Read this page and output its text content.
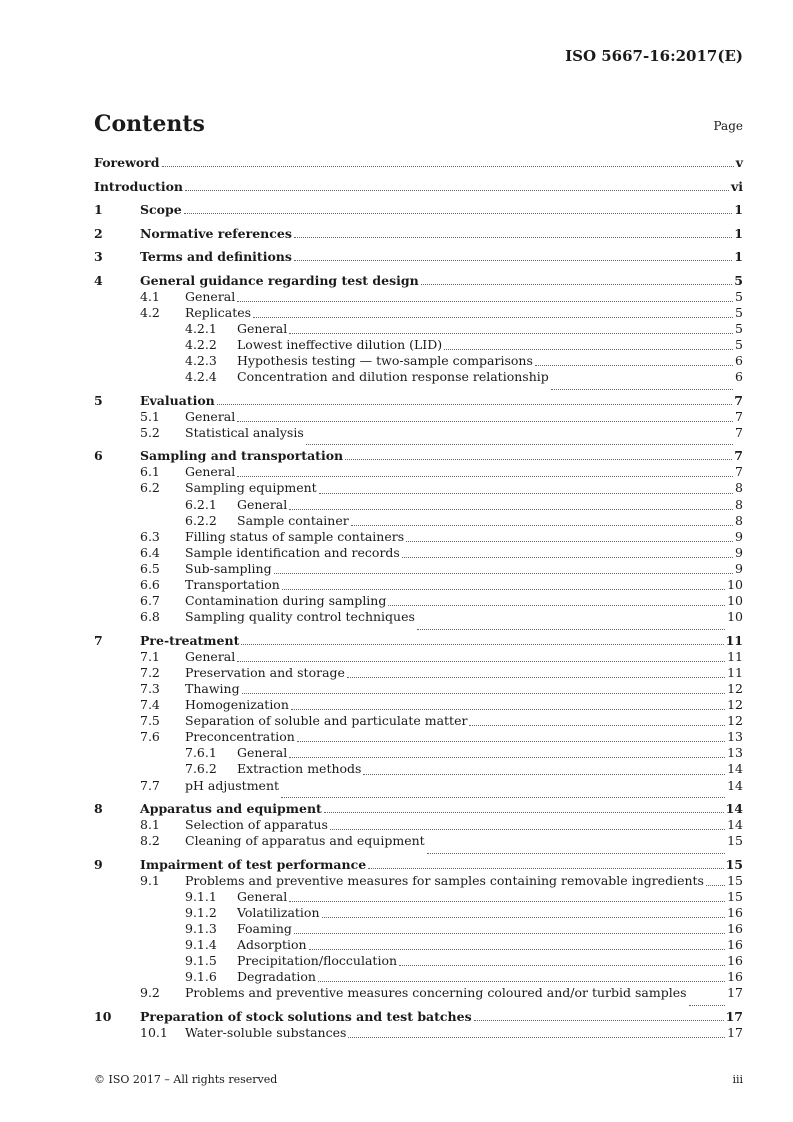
ISO 5667-16:2017(E)
Contents	Page
Foreword	v
Introduction	vi
1	Scope	1
2	Normative references	1
3	Terms and definitions	1
4	General guidance regarding test design	5
4.1	General	5
4.2	Replicates	5
4.2.1	General	5
4.2.2	Lowest ineffective dilution (LID)	5
4.2.3	Hypothesis testing — two-sample comparisons	6
4.2.4	Concentration and dilution response relationship	6
5	Evaluation	7
5.1	General	7
5.2	Statistical analysis	7
6	Sampling and transportation	7
6.1	General	7
6.2	Sampling equipment	8
6.2.1	General	8
6.2.2	Sample container	8
6.3	Filling status of sample containers	9
6.4	Sample identification and records	9
6.5	Sub-sampling	9
6.6	Transportation	10
6.7	Contamination during sampling	10
6.8	Sampling quality control techniques	10
7	Pre-treatment	11
7.1	General	11
7.2	Preservation and storage	11
7.3	Thawing	12
7.4	Homogenization	12
7.5	Separation of soluble and particulate matter	12
7.6	Preconcentration	13
7.6.1	General	13
7.6.2	Extraction methods	14
7.7	pH adjustment	14
8	Apparatus and equipment	14
8.1	Selection of apparatus	14
8.2	Cleaning of apparatus and equipment	15
9	Impairment of test performance	15
9.1	Problems and preventive measures for samples containing removable ingredients 15
9.1.1	General	15
9.1.2	Volatilization	16
9.1.3	Foaming	16
9.1.4	Adsorption	16
9.1.5	Precipitation/flocculation	16
9.1.6	Degradation	16
9.2	Problems and preventive measures concerning coloured and/or turbid samples	17
10	Preparation of stock solutions and test batches	17
10.1	Water-soluble substances	17
© ISO 2017 – All rights reserved	iii
